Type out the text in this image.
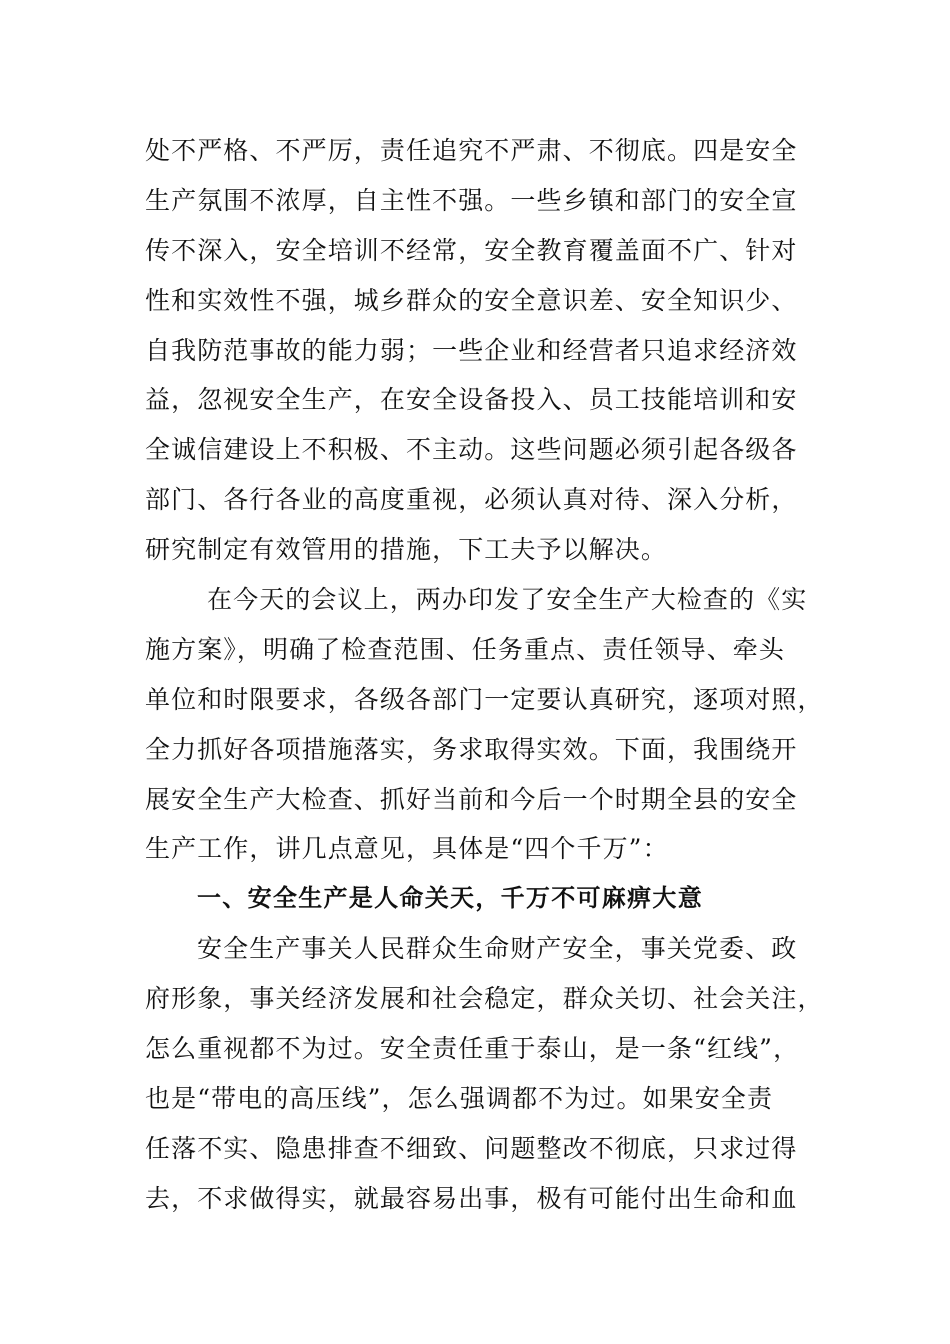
处不严格、不严厉，责任追究不严肃、不彻底。四是安全
生产氛围不浓厚，自主性不强。一些乡镇和部门的安全宣
传不深入，安全培训不经常，安全教育覆盖面不广、针对
性和实效性不强，城乡群众的安全意识差、安全知识少、
自我防范事故的能力弱；一些企业和经营者只追求经济效
益，忽视安全生产，在安全设备投入、员工技能培训和安
全诚信建设上不积极、不主动。这些问题必须引起各级各
部门、各行各业的高度重视，必须认真对待、深入分析，
研究制定有效管用的措施，下工夫予以解决。
在今天的会议上，两办印发了安全生产大检查的《实
施方案》，明确了检查范围、任务重点、责任领导、牵头
单位和时限要求，各级各部门一定要认真研究，逐项对照，
全力抓好各项措施落实，务求取得实效。下面，我围绕开
展安全生产大检查、抓好当前和今后一个时期全县的安全
生产工作，讲几点意见，具体是“四个千万”：
一、安全生产是人命关天，千万不可麻痹大意
安全生产事关人民群众生命财产安全，事关党委、政
府形象，事关经济发展和社会稳定，群众关切、社会关注，
怎么重视都不为过。安全责任重于泰山，是一条“红线”，
也是“带电的高压线”，怎么强调都不为过。如果安全责
任落不实、隐患排查不细致、问题整改不彻底，只求过得
去，不求做得实，就最容易出事，极有可能付出生命和血
